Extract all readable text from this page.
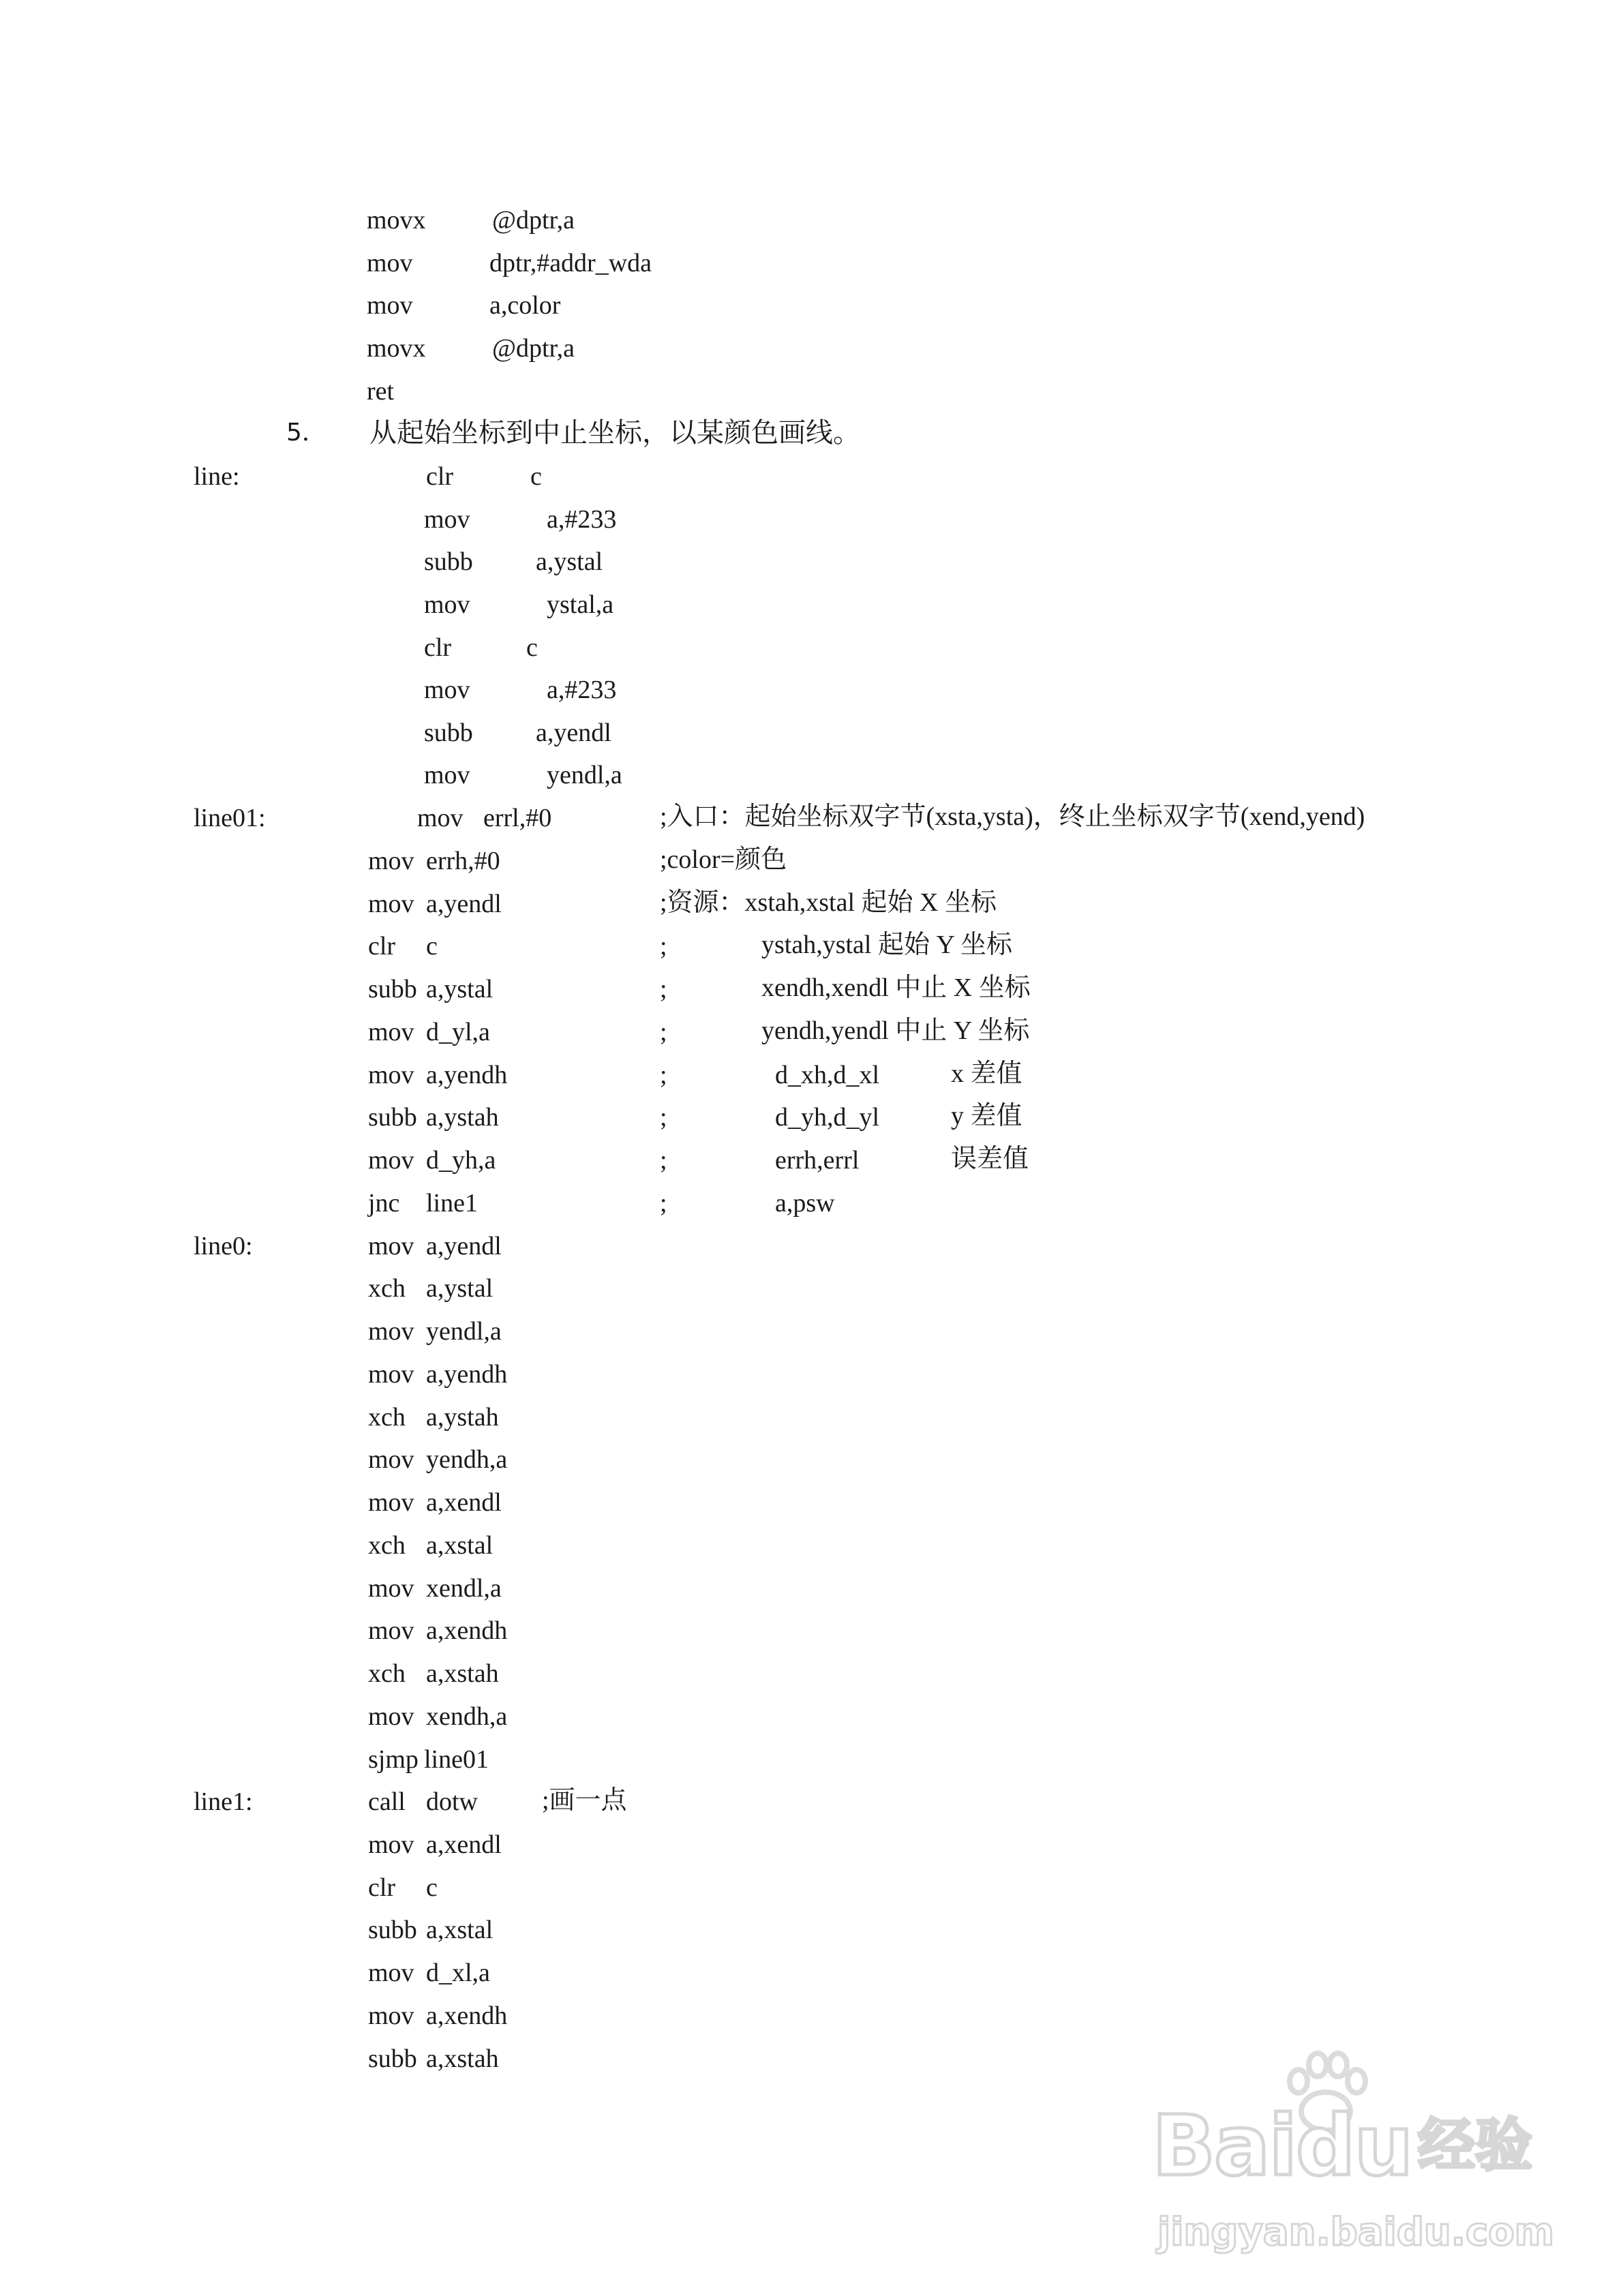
movx	@dptr,a
mov	dptr,#addr_wda
mov	a,color
movx	@dptr,a
ret
5． 从起始坐标到中止坐标，以某颜色画线。
line:	clr	c
mov	a,#233
subb a,ystal
mov	ystal,a
clr	c
mov	a,#233
subb a,yendl
mov	yendl,a
line01:	mov errl,#0	;入口：起始坐标双字节(xsta,ysta)，终止坐标双字节(xend,yend)
mov errh,#0	;color=颜色
mov a,yendl	;资源：xstah,xstal 起始 X 坐标
clr c	;	ystah,ystal 起始 Y 坐标
subb a,ystal	;	xendh,xendl 中止 X 坐标
mov d_yl,a	;	yendh,yendl 中止 Y 坐标
mov a,yendh	;	d_xh,d_xl	x 差值
subb a,ystah	;	d_yh,d_yl	y 差值
mov d_yh,a	;	errh,errl	误差值
jnc line1	;	a,psw
line0:	mov a,yendl
xch a,ystal
mov yendl,a
mov a,yendh
xch a,ystah
mov yendh,a
mov a,xendl
xch a,xstal
mov xendl,a
mov a,xendh
xch a,xstah
mov xendh,a
sjmp line01
line1:	call dotw ;画一点
mov a,xendl
clr c
subb a,xstal
mov d_xl,a
mov a,xendh
subb a,xstah
Baidu 经验
jingyan.baidu.com
